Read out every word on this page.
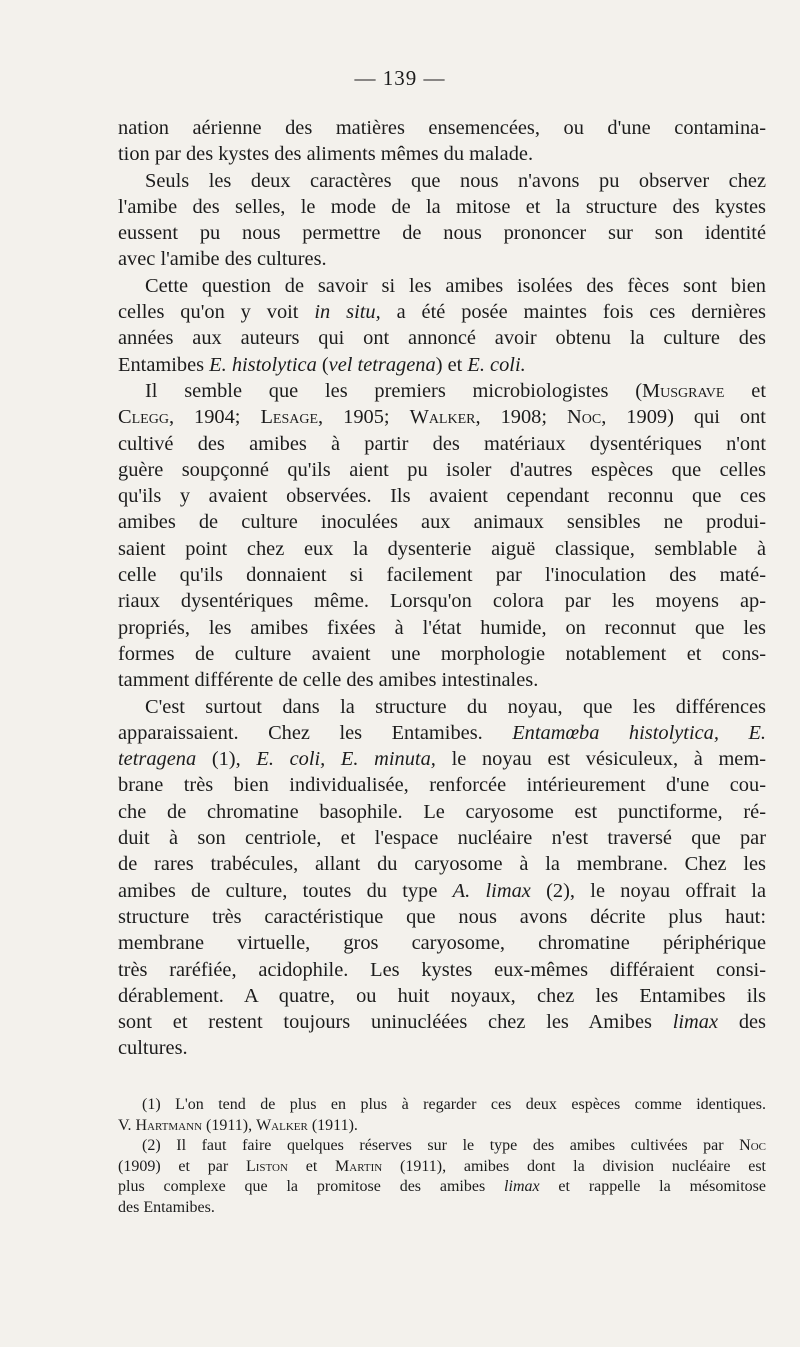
— 139 —
nation aérienne des matières ensemencées, ou d'une contamina-
tion par des kystes des aliments mêmes du malade.
Seuls les deux caractères que nous n'avons pu observer chez
l'amibe des selles, le mode de la mitose et la structure des kystes
eussent pu nous permettre de nous prononcer sur son identité
avec l'amibe des cultures.
Cette question de savoir si les amibes isolées des fèces sont bien
celles qu'on y voit in situ, a été posée maintes fois ces dernières
années aux auteurs qui ont annoncé avoir obtenu la culture des
Entamibes E. histolytica (vel tetragena) et E. coli.
Il semble que les premiers microbiologistes (Musgrave et
Clegg, 1904; Lesage, 1905; Walker, 1908; Noc, 1909) qui ont
cultivé des amibes à partir des matériaux dysentériques n'ont
guère soupçonné qu'ils aient pu isoler d'autres espèces que celles
qu'ils y avaient observées. Ils avaient cependant reconnu que ces
amibes de culture inoculées aux animaux sensibles ne produi-
saient point chez eux la dysenterie aiguë classique, semblable à
celle qu'ils donnaient si facilement par l'inoculation des maté-
riaux dysentériques même. Lorsqu'on colora par les moyens ap-
propriés, les amibes fixées à l'état humide, on reconnut que les
formes de culture avaient une morphologie notablement et cons-
tamment différente de celle des amibes intestinales.
C'est surtout dans la structure du noyau, que les différences
apparaissaient. Chez les Entamibes. Entamœba histolytica, E.
tetragena (1), E. coli, E. minuta, le noyau est vésiculeux, à mem-
brane très bien individualisée, renforcée intérieurement d'une cou-
che de chromatine basophile. Le caryosome est punctiforme, ré-
duit à son centriole, et l'espace nucléaire n'est traversé que par
de rares trabécules, allant du caryosome à la membrane. Chez les
amibes de culture, toutes du type A. limax (2), le noyau offrait la
structure très caractéristique que nous avons décrite plus haut:
membrane virtuelle, gros caryosome, chromatine périphérique
très raréfiée, acidophile. Les kystes eux-mêmes différaient consi-
dérablement. A quatre, ou huit noyaux, chez les Entamibes ils
sont et restent toujours uninucléées chez les Amibes limax des
cultures.
(1) L'on tend de plus en plus à regarder ces deux espèces comme identiques.
V. Hartmann (1911), Walker (1911).
(2) Il faut faire quelques réserves sur le type des amibes cultivées par Noc
(1909) et par Liston et Martin (1911), amibes dont la division nucléaire est
plus complexe que la promitose des amibes limax et rappelle la mésomitose
des Entamibes.
